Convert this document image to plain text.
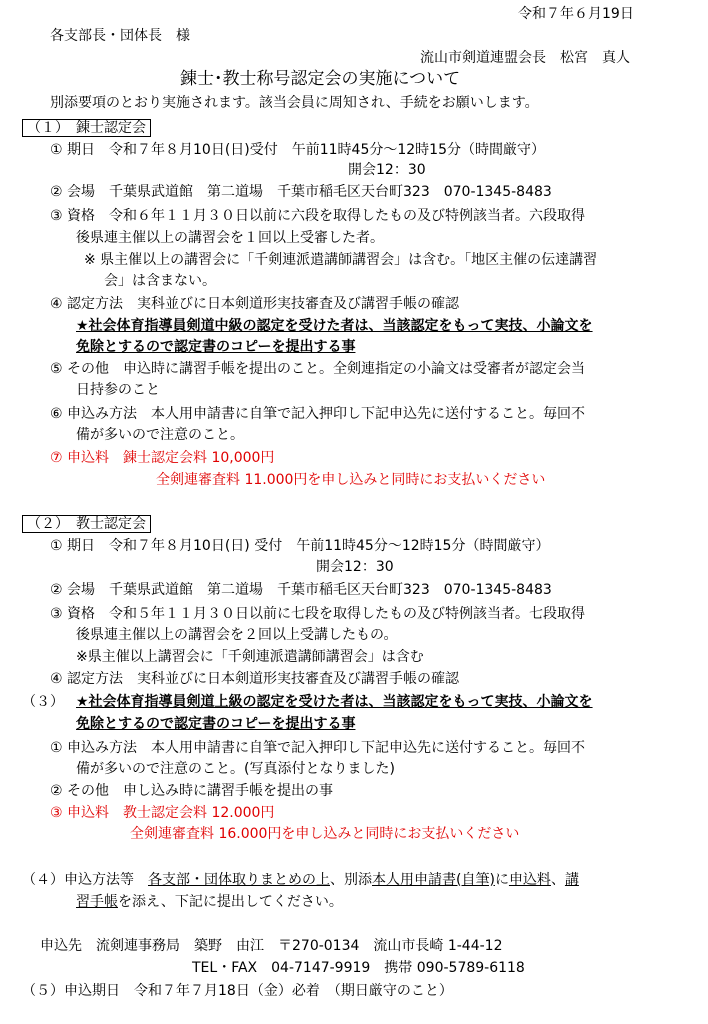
令和７年６月19日
各支部長・団体長　様
流山市剣道連盟会長　松宮　真人
錬士･教士称号認定会の実施について
別添要項のとおり実施されます。該当会員に周知され、手続をお願いします。
（１）　錬士認定会
① 期日　令和７年８月10日(日)受付　午前11時45分～12時15分（時間厳守）
開会12：30
② 会場　千葉県武道館　第二道場　千葉市稲毛区天台町323　070-1345-8483
③ 資格　令和６年１１月３０日以前に六段を取得したもの及び特例該当者。六段取得
後県連主催以上の講習会を１回以上受審した者。
※ 県主催以上の講習会に「千剣連派遣講師講習会」は含む。｢地区主催の伝達講習
会」は含まない。
④ 認定方法　実科並びに日本剣道形実技審査及び講習手帳の確認
★社会体育指導員剣道中級の認定を受けた者は、当該認定をもって実技、小論文を
免除とするので認定書のコピーを提出する事
⑤ その他　申込時に講習手帳を提出のこと。全剣連指定の小論文は受審者が認定会当
日持参のこと
⑥ 申込み方法　本人用申請書に自筆で記入押印し下記申込先に送付すること。毎回不
備が多いので注意のこと。
⑦ 申込料　錬士認定会料 10,000円
全剣連審査料 11.000円を申し込みと同時にお支払いください
（２）　教士認定会
① 期日　令和７年８月10日(日) 受付　午前11時45分～12時15分（時間厳守）
開会12：30
② 会場　千葉県武道館　第二道場　千葉市稲毛区天台町323　070-1345-8483
③ 資格　令和５年１１月３０日以前に七段を取得したもの及び特例該当者。七段取得
後県連主催以上の講習会を２回以上受講したもの。
※県主催以上講習会に「千剣連派遣講師講習会」は含む
④ 認定方法　実科並びに日本剣道形実技審査及び講習手帳の確認
（３） ★社会体育指導員剣道上級の認定を受けた者は、当該認定をもって実技、小論文を
免除とするので認定書のコピーを提出する事
① 申込み方法　本人用申請書に自筆で記入押印し下記申込先に送付すること。毎回不
備が多いので注意のこと。(写真添付となりました)
② その他　申し込み時に講習手帳を提出の事
③ 申込料　教士認定会料 12.000円
全剣連審査料 16.000円を申し込みと同時にお支払いください
（４）申込方法等　 各支部・団体取りまとめの上、別添本人用申請書(自筆)に申込料、講
習手帳を添え、下記に提出してください。
申込先　流剣連事務局　築野　由江　〒270-0134　流山市長崎 1-44-12
TEL・FAX　04-7147-9919　携帯 090-5789-6118
（５）申込期日　令和７年７月18日（金）必着　（期日厳守のこと）
